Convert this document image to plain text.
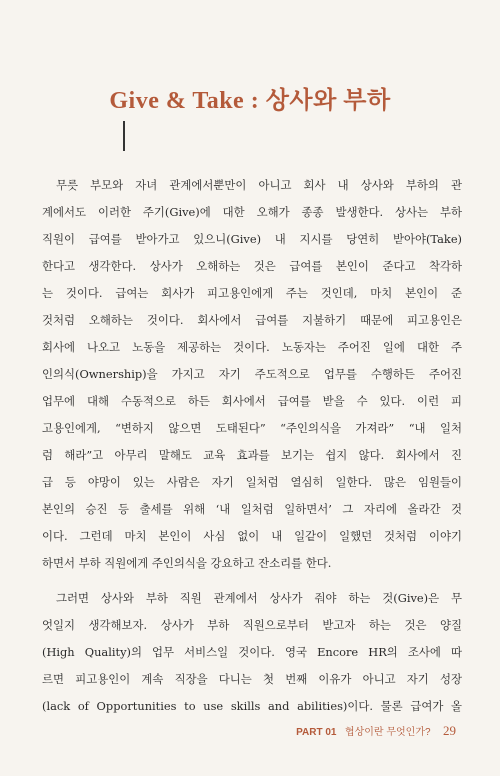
Give & Take : 상사와 부하
무릇 부모와 자녀 관계에서뿐만이 아니고 회사 내 상사와 부하의 관
계에서도 이러한 주기(Give)에 대한 오해가 종종 발생한다. 상사는 부하
직원이 급여를 받아가고 있으니(Give) 내 지시를 당연히 받아야(Take)
한다고 생각한다. 상사가 오해하는 것은 급여를 본인이 준다고 착각하
는 것이다. 급여는 회사가 피고용인에게 주는 것인데, 마치 본인이 준
것처럼 오해하는 것이다. 회사에서 급여를 지불하기 때문에 피고용인은
회사에 나오고 노동을 제공하는 것이다. 노동자는 주어진 일에 대한 주
인의식(Ownership)을 가지고 자기 주도적으로 업무를 수행하든 주어진
업무에 대해 수동적으로 하든 회사에서 급여를 받을 수 있다. 이런 피
고용인에게, “변하지 않으면 도태된다” “주인의식을 가져라” “내 일처
럼 해라”고 아무리 말해도 교육 효과를 보기는 쉽지 않다. 회사에서 진
급 등 야망이 있는 사람은 자기 일처럼 열심히 일한다. 많은 임원들이
본인의 승진 등 출세를 위해 ‘내 일처럼 일하면서’ 그 자리에 올라간 것
이다. 그런데 마치 본인이 사심 없이 내 일같이 일했던 것처럼 이야기
하면서 부하 직원에게 주인의식을 강요하고 잔소리를 한다.
그러면 상사와 부하 직원 관계에서 상사가 줘야 하는 것(Give)은 무
엇일지 생각해보자. 상사가 부하 직원으로부터 받고자 하는 것은 양질
(High Quality)의 업무 서비스일 것이다. 영국 Encore HR의 조사에 따
르면 피고용인이 계속 직장을 다니는 첫 번째 이유가 아니고 자기 성장
(lack of Opportunities to use skills and abilities)이다. 물론 급여가 올
PART 01 협상이란 무엇인가? 29
